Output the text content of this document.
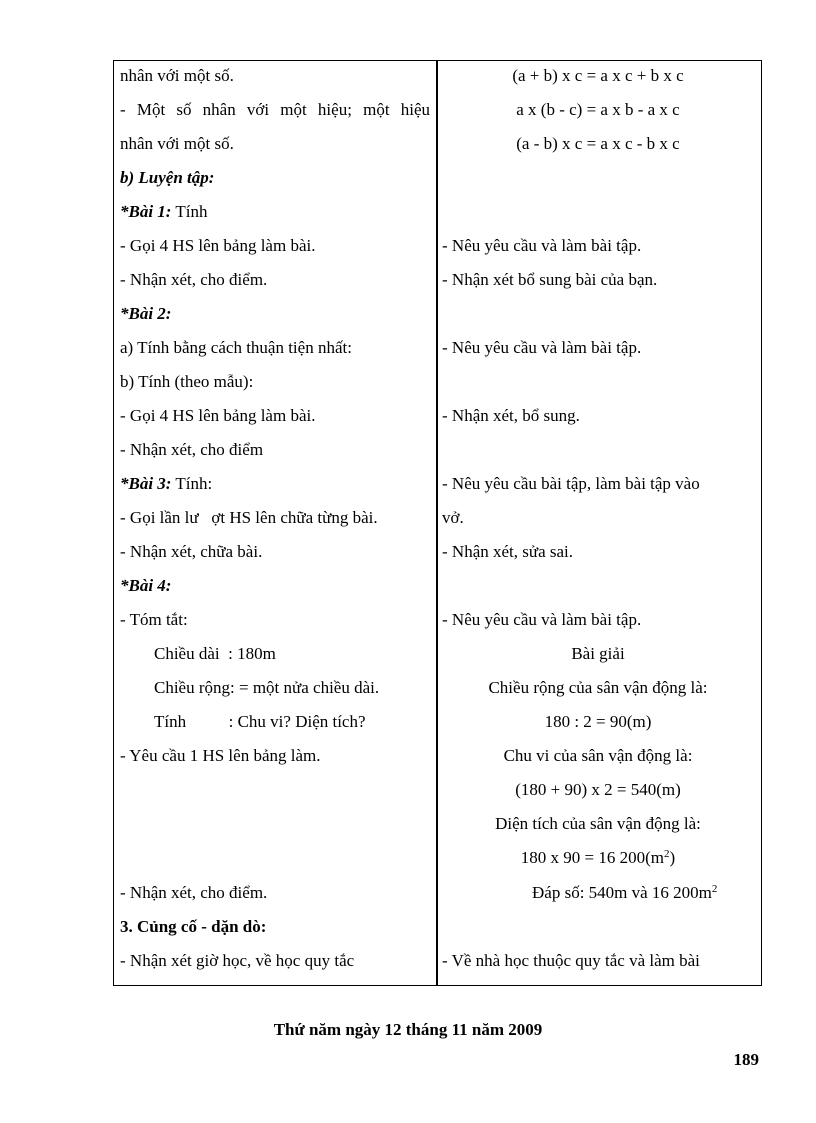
nhân với một số.
- Một số nhân với một hiệu; một hiệu
nhân với một số.
b) Luyện tập:
*Bài 1: Tính
- Gọi 4 HS lên bảng làm bài.
- Nhận xét, cho điểm.
*Bài 2:
a) Tính bằng cách thuận tiện nhất:
b) Tính (theo mẫu):
- Gọi 4 HS lên bảng làm bài.
- Nhận xét, cho điểm
*Bài 3: Tính:
- Gọi lần lư   ợt HS lên chữa từng bài.
- Nhận xét, chữa bài.
*Bài 4:
- Tóm tắt:
Chiều dài  : 180m
Chiều rộng: = một nửa chiều dài.
Tính          : Chu vi? Diện tích?
- Yêu cầu 1 HS lên bảng làm.
- Nhận xét, cho điểm.
3. Củng cố - dặn dò:
- Nhận xét giờ học, về học quy tắc
(a + b) x c = a x c + b x c
a x (b - c) = a x b - a x c
(a - b) x c = a x c - b x c
- Nêu yêu cầu và làm bài tập.
- Nhận xét bổ sung bài của bạn.
- Nêu yêu cầu và làm bài tập.
- Nhận xét, bổ sung.
- Nêu yêu cầu bài tập, làm bài tập vào
vở.
- Nhận xét, sửa sai.
- Nêu yêu cầu và làm bài tập.
Bài giải
Chiều rộng của sân vận động là:
180 : 2 = 90(m)
Chu vi của sân vận động là:
(180 + 90) x 2 = 540(m)
Diện tích của sân vận động là:
180 x 90 = 16 $200(m^2)$
Đáp số: 540m và 16 $200m^2$
- Về nhà học thuộc quy tắc và làm bài
Thứ năm ngày 12 tháng 11 năm 2009
189
